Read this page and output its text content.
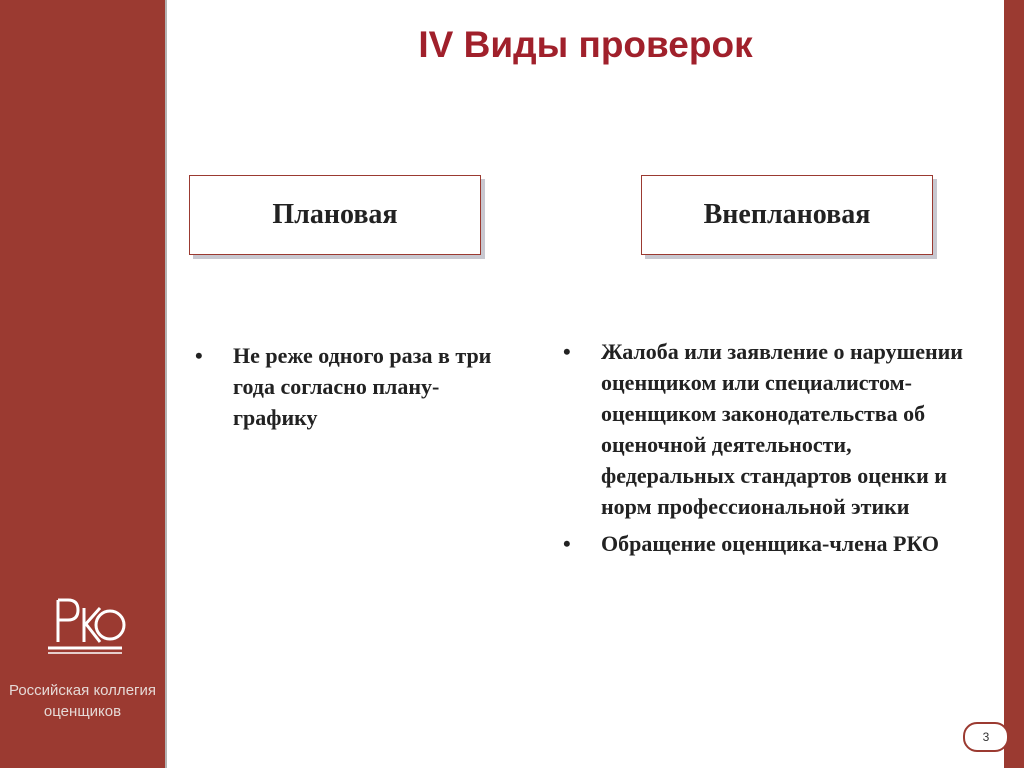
Российская коллегия
оценщиков
IV Виды проверок
Плановая	Внеплановая
• Не реже одного раза в три года согласно плану-графику
• Жалоба или заявление о нарушении оценщиком или специалистом-оценщиком законодательства об оценочной деятельности, федеральных стандартов оценки и норм профессиональной этики
• Обращение оценщика-члена РКО
3
